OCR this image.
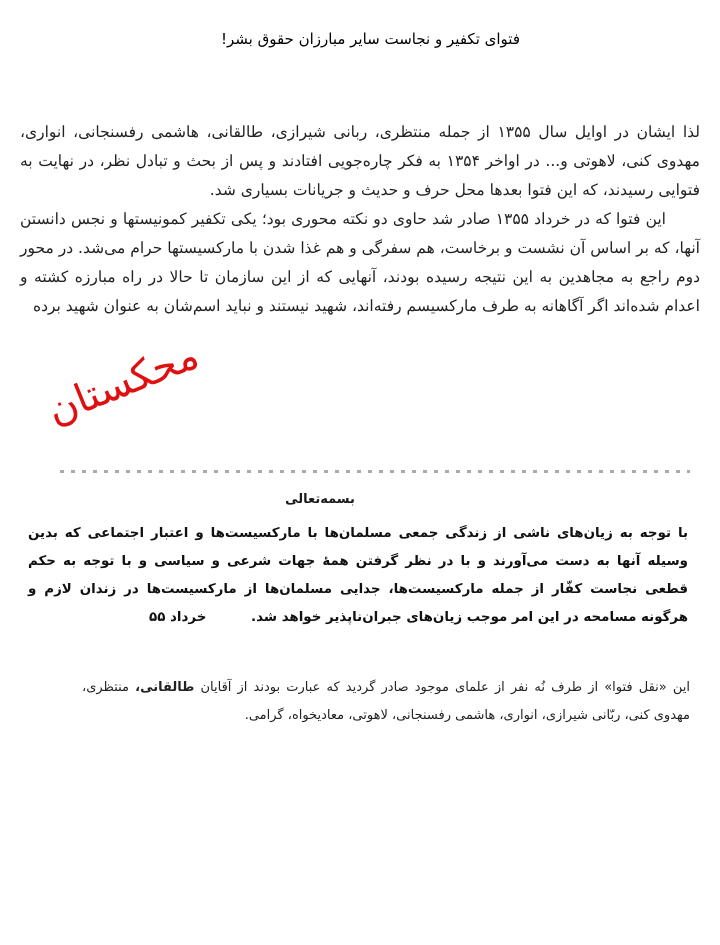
فتوای تکفیر و نجاست سایر مبارزان حقوق بشر!

لذا ایشان در اوایل سال ۱۳۵۵ از جمله منتظری، ربانی شیرازی، طالقانی، هاشمی رفسنجانی، انواری، مهدوی کنی، لاهوتی و... در اواخر ۱۳۵۴ به فکر چاره‌جویی افتادند و پس از بحث و تبادل نظر، در نهایت به فتوایی رسیدند، که این فتوا بعدها محل حرف و حدیث و جریانات بسیاری شد.

این فتوا که در خرداد ۱۳۵۵ صادر شد حاوی دو نکته محوری بود؛ یکی تکفیر کمونیستها و نجس دانستن آنها، که بر اساس آن نشست و برخاست، هم سفرگی و هم غذا شدن با مارکسیستها حرام می‌شد. در محور دوم راجع به مجاهدین به این نتیجه رسیده بودند، آنهایی که از این سازمان تا حالا در راه مبارزه کشته و اعدام شده‌اند اگر آگاهانه به طرف مارکسیسم رفته‌اند، شهید نیستند و نباید اسم‌شان به عنوان شهید برده

محکستان
بسمه‌تعالی

با توجه به زیان‌های ناشی از زندگی جمعی مسلمان‌ها با مارکسیست‌ها و اعتبار اجتماعی که بدین وسیله آنها به دست می‌آورند و با در نظر گرفتن همهٔ جهات شرعی و سیاسی و با توجه به حکم قطعی نجاست کفّار از جمله مارکسیست‌ها، جدایی مسلمان‌ها از مارکسیست‌ها در زندان لازم و هرگونه مسامحه در این امر موجب زیان‌های جبران‌ناپذیر خواهد شد. خرداد ۵۵

این «نقل فتوا» از طرف نُه نفر از علمای موجود صادر گردید که عبارت بودند از آقایان طالقانی، منتظری، مهدوی کنی، ربّانی شیرازی، انواری، هاشمی رفسنجانی، لاهوتی، معادیخواه، گرامی.
